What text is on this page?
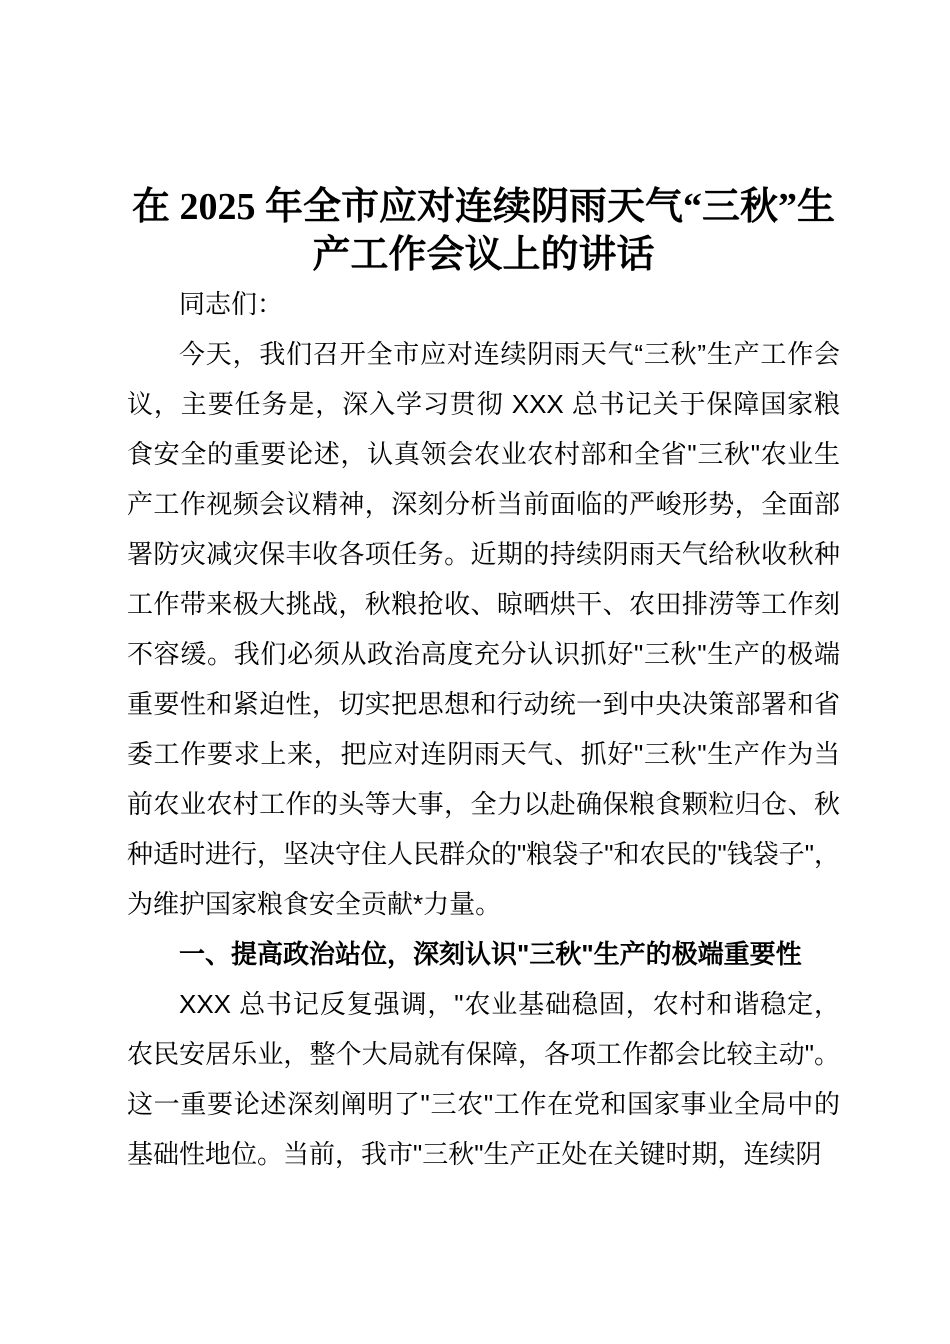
在 2025 年全市应对连续阴雨天气“三秋”生产工作会议上的讲话

同志们：

今天，我们召开全市应对连续阴雨天气“三秋”生产工作会议，主要任务是，深入学习贯彻 XXX 总书记关于保障国家粮食安全的重要论述，认真领会农业农村部和全省"三秋"农业生产工作视频会议精神，深刻分析当前面临的严峻形势，全面部署防灾减灾保丰收各项任务。近期的持续阴雨天气给秋收秋种工作带来极大挑战，秋粮抢收、晾晒烘干、农田排涝等工作刻不容缓。我们必须从政治高度充分认识抓好"三秋"生产的极端重要性和紧迫性，切实把思想和行动统一到中央决策部署和省委工作要求上来，把应对连阴雨天气、抓好"三秋"生产作为当前农业农村工作的头等大事，全力以赴确保粮食颗粒归仓、秋种适时进行，坚决守住人民群众的"粮袋子"和农民的"钱袋子"，为维护国家粮食安全贡献*力量。

一、提高政治站位，深刻认识"三秋"生产的极端重要性

XXX 总书记反复强调，"农业基础稳固，农村和谐稳定，农民安居乐业，整个大局就有保障，各项工作都会比较主动"。这一重要论述深刻阐明了"三农"工作在党和国家事业全局中的基础性地位。当前，我市"三秋"生产正处在关键时期，连续阴
